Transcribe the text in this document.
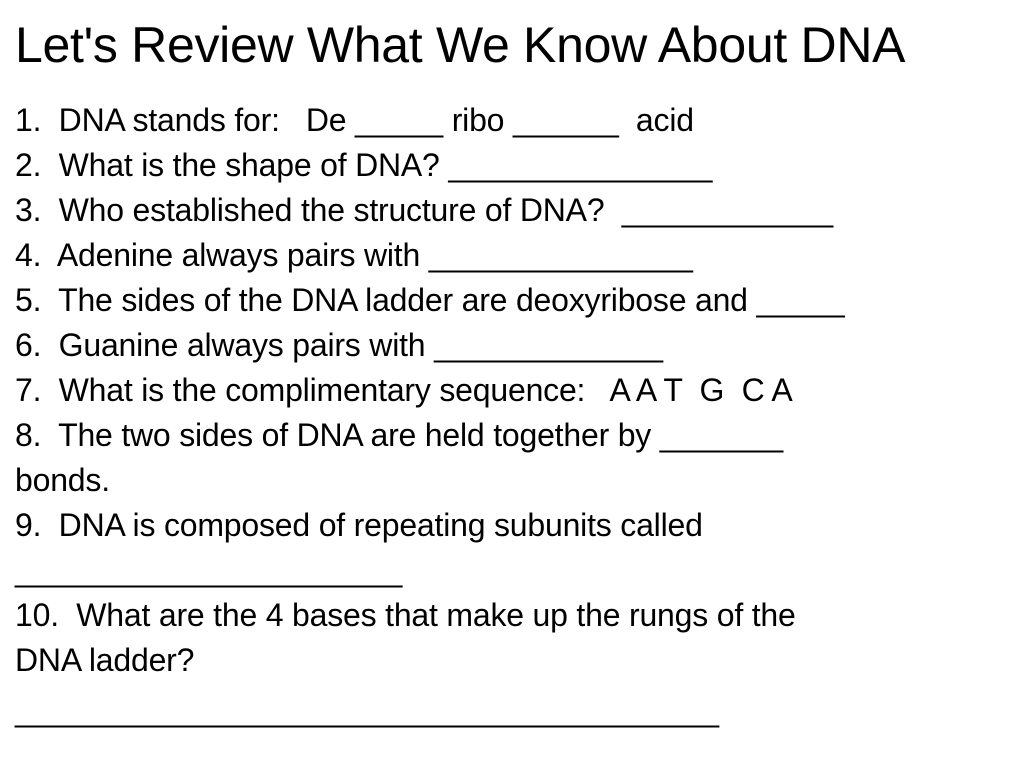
Let's Review What We Know About DNA
1.  DNA stands for:   De _____ ribo ______  acid
2.  What is the shape of DNA? _______________
3.  Who established the structure of DNA?  ____________
4.  Adenine always pairs with _______________
5.  The sides of the DNA ladder are deoxyribose and _____
6.  Guanine always pairs with _____________
7.  What is the complimentary sequence:   A A T  G  C A
8.  The two sides of DNA are held together by _______
bonds.
9.  DNA is composed of repeating subunits called
______________________
10.  What are the 4 bases that make up the rungs of the
DNA ladder?
________________________________________
